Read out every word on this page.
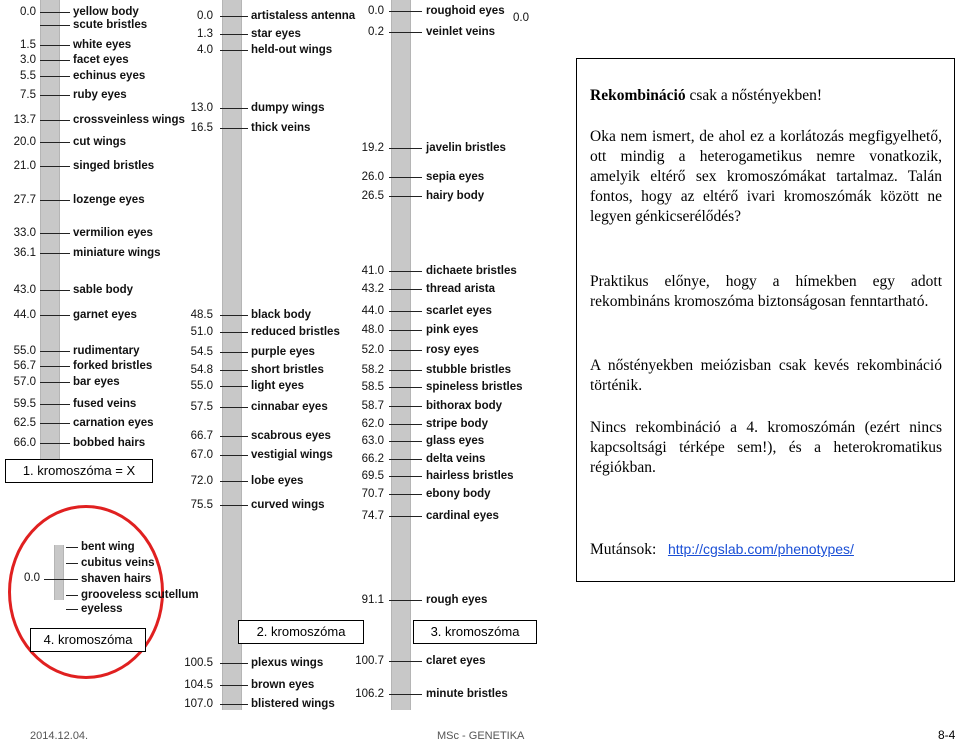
0.0	yellow body
scute bristles
1.5	white eyes
3.0	facet eyes
5.5	echinus eyes
7.5	ruby eyes
13.7	crossveinless wings
20.0	cut wings
21.0	singed bristles
27.7	lozenge eyes
33.0	vermilion eyes
36.1	miniature wings
43.0	sable body
44.0	garnet eyes
55.0	rudimentary
56.7	forked bristles
57.0	bar eyes
59.5	fused veins
62.5	carnation eyes
66.0	bobbed hairs
0.0	artistaless antenna
1.3	star eyes
4.0	held-out wings
13.0	dumpy wings
16.5	thick veins
48.5	black body
51.0	reduced bristles
54.5	purple eyes
54.8	short bristles
55.0	light eyes
57.5	cinnabar eyes
66.7	scabrous eyes
67.0	vestigial wings
72.0	lobe eyes
75.5	curved wings
100.5	plexus wings
104.5	brown eyes
107.0	blistered wings
0.0	roughoid eyes
0.2	veinlet veins
19.2	javelin bristles
26.0	sepia eyes
26.5	hairy body
41.0	dichaete bristles
43.2	thread arista
44.0	scarlet eyes
48.0	pink eyes
52.0	rosy eyes
58.2	stubble bristles
58.5	spineless bristles
58.7	bithorax body
62.0	stripe body
63.0	glass eyes
66.2	delta veins
69.5	hairless bristles
70.7	ebony body
74.7	cardinal eyes
91.1	rough eyes
100.7	claret eyes
106.2	minute bristles
0.0
0.0
bent wing
cubitus veins
shaven hairs
grooveless scutellum
eyeless
1. kromoszóma = X
4. kromoszóma
2. kromoszóma	3. kromoszóma
Rekombináció csak a nőstényekben!
Oka nem ismert, de ahol ez a korlátozás megfigyelhető, ott mindig a heterogametikus nemre vonatkozik, amelyik eltérő sex kromoszómákat tartalmaz. Talán fontos, hogy az eltérő ivari kromoszómák között ne legyen génkicserélődés?
Praktikus előnye, hogy a hímekben egy adott rekombináns kromoszóma biztonságosan fenntartható.
A nőstényekben meiózisban csak kevés rekombináció történik.
Nincs rekombináció a 4. kromoszómán (ezért nincs kapcsoltsági térképe sem!), és a heterokromatikus régiókban.
Mutánsok: http://cgslab.com/phenotypes/
2014.12.04.	MSc - GENETIKA	8-4
